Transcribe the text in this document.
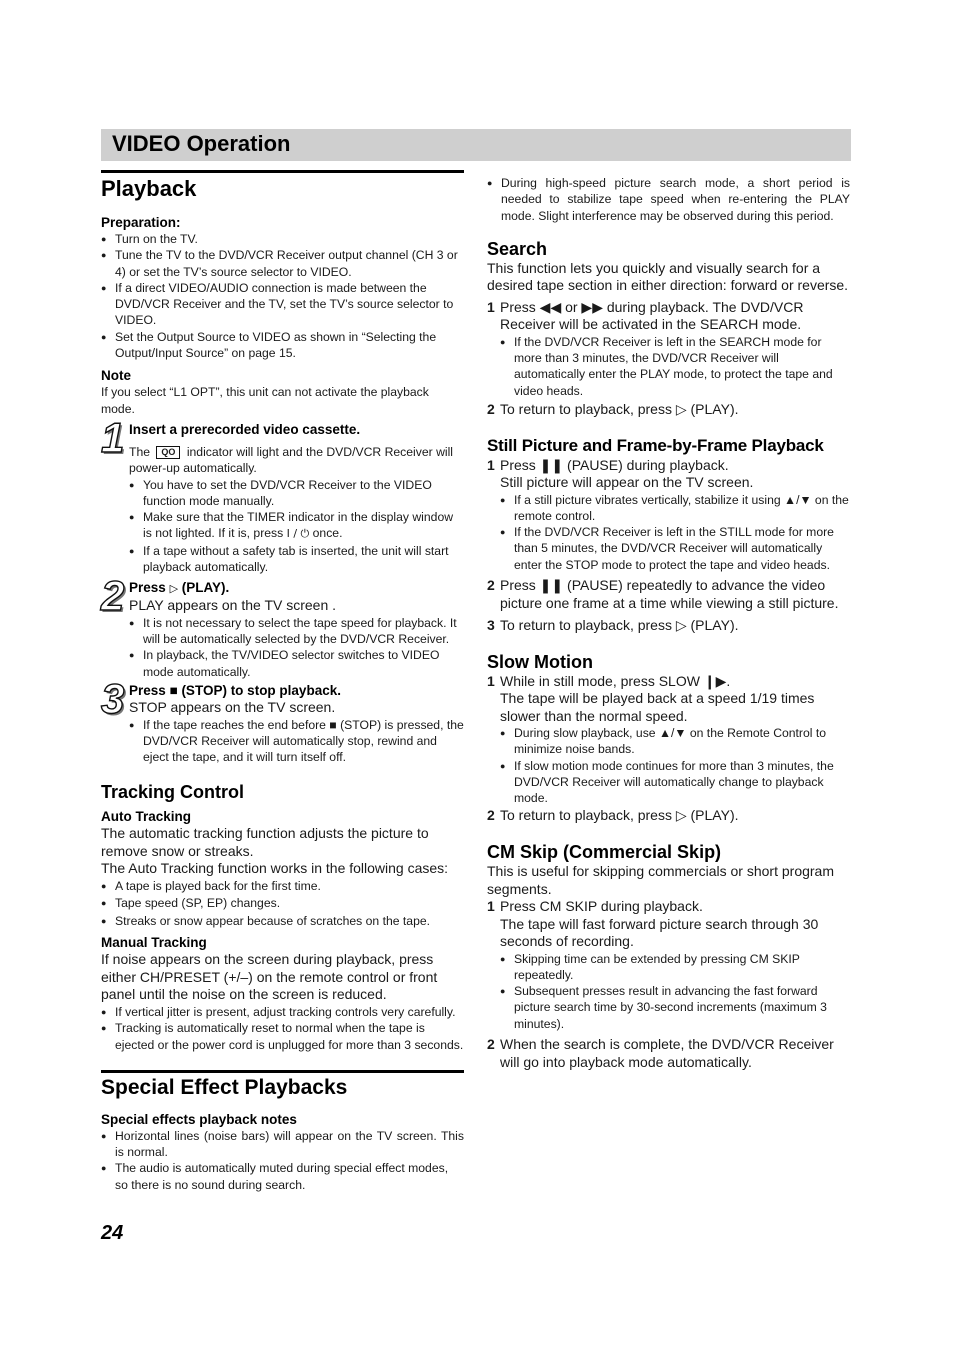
VIDEO Operation
Playback

Preparation:

● Turn on the TV.
● Tune the TV to the DVD/VCR Receiver output channel (CH 3 or 4) or set the TV’s source selector to VIDEO.
● If a direct VIDEO/AUDIO connection is made between the DVD/VCR Receiver and the TV, set the TV’s source selector to VIDEO.
● Set the Output Source to VIDEO as shown in “Selecting the Output/Input Source” on page 15.

Note

If you select “L1 OPT”, this unit can not activate the playback mode.

1 Insert a prerecorded video cassette.

The QO indicator will light and the DVD/VCR Receiver will power-up automatically.

● You have to set the DVD/VCR Receiver to the VIDEO function mode manually.
● Make sure that the TIMER indicator in the display window is not lighted. If it is, press I / ⏻ once.
● If a tape without a safety tab is inserted, the unit will start playback automatically.
2 Press ▷ (PLAY).

PLAY appears on the TV screen .

● It is not necessary to select the tape speed for playback. It will be automatically selected by the DVD/VCR Receiver.
● In playback, the TV/VIDEO selector switches to VIDEO mode automatically.
3 Press ■ (STOP) to stop playback.

STOP appears on the TV screen.

● If the tape reaches the end before ■ (STOP) is pressed, the DVD/VCR Receiver will automatically stop, rewind and eject the tape, and it will turn itself off.
Tracking Control

Auto Tracking

The automatic tracking function adjusts the picture to remove snow or streaks.

The Auto Tracking function works in the following cases:

● A tape is played back for the first time.
● Tape speed (SP, EP) changes.
● Streaks or snow appear because of scratches on the tape.

Manual Tracking

If noise appears on the screen during playback, press either CH/PRESET (+/–) on the remote control or front panel until the noise on the screen is reduced.

● If vertical jitter is present, adjust tracking controls very carefully.
● Tracking is automatically reset to normal when the tape is ejected or the power cord is unplugged for more than 3 seconds.
Special Effect Playbacks

Special effects playback notes

● Horizontal lines (noise bars) will appear on the TV screen. This is normal.
● The audio is automatically muted during special effect modes, so there is no sound during search.
● During high-speed picture search mode, a short period is needed to stabilize tape speed when re-entering the PLAY mode. Slight interference may be observed during this period.
Search

This function lets you quickly and visually search for a desired tape section in either direction: forward or reverse.

1 Press ◀◀ or ▶▶ during playback. The DVD/VCR Receiver will be activated in the SEARCH mode.
● If the DVD/VCR Receiver is left in the SEARCH mode for more than 3 minutes, the DVD/VCR Receiver will automatically enter the PLAY mode, to protect the tape and video heads.
2 To return to playback, press ▷ (PLAY).
Still Picture and Frame-by-Frame Playback
1 Press ❚❚ (PAUSE) during playback.
Still picture will appear on the TV screen.
● If a still picture vibrates vertically, stabilize it using ▲/▼ on the remote control.
● If the DVD/VCR Receiver is left in the STILL mode for more than 5 minutes, the DVD/VCR Receiver will automatically enter the STOP mode to protect the tape and video heads.
2 Press ❚❚ (PAUSE) repeatedly to advance the video picture one frame at a time while viewing a still picture.
3 To return to playback, press ▷ (PLAY).
Slow Motion
1 While in still mode, press SLOW ❙▶.
The tape will be played back at a speed 1/19 times slower than the normal speed.
● During slow playback, use ▲/▼ on the Remote Control to minimize noise bands.
● If slow motion mode continues for more than 3 minutes, the DVD/VCR Receiver will automatically change to playback mode.
2 To return to playback, press ▷ (PLAY).
CM Skip (Commercial Skip)

This is useful for skipping commercials or short program segments.

1 Press CM SKIP during playback.
The tape will fast forward picture search through 30 seconds of recording.
● Skipping time can be extended by pressing CM SKIP repeatedly.
● Subsequent presses result in advancing the fast forward picture search time by 30-second increments (maximum 3 minutes).
2 When the search is complete, the DVD/VCR Receiver will go into playback mode automatically.
24
